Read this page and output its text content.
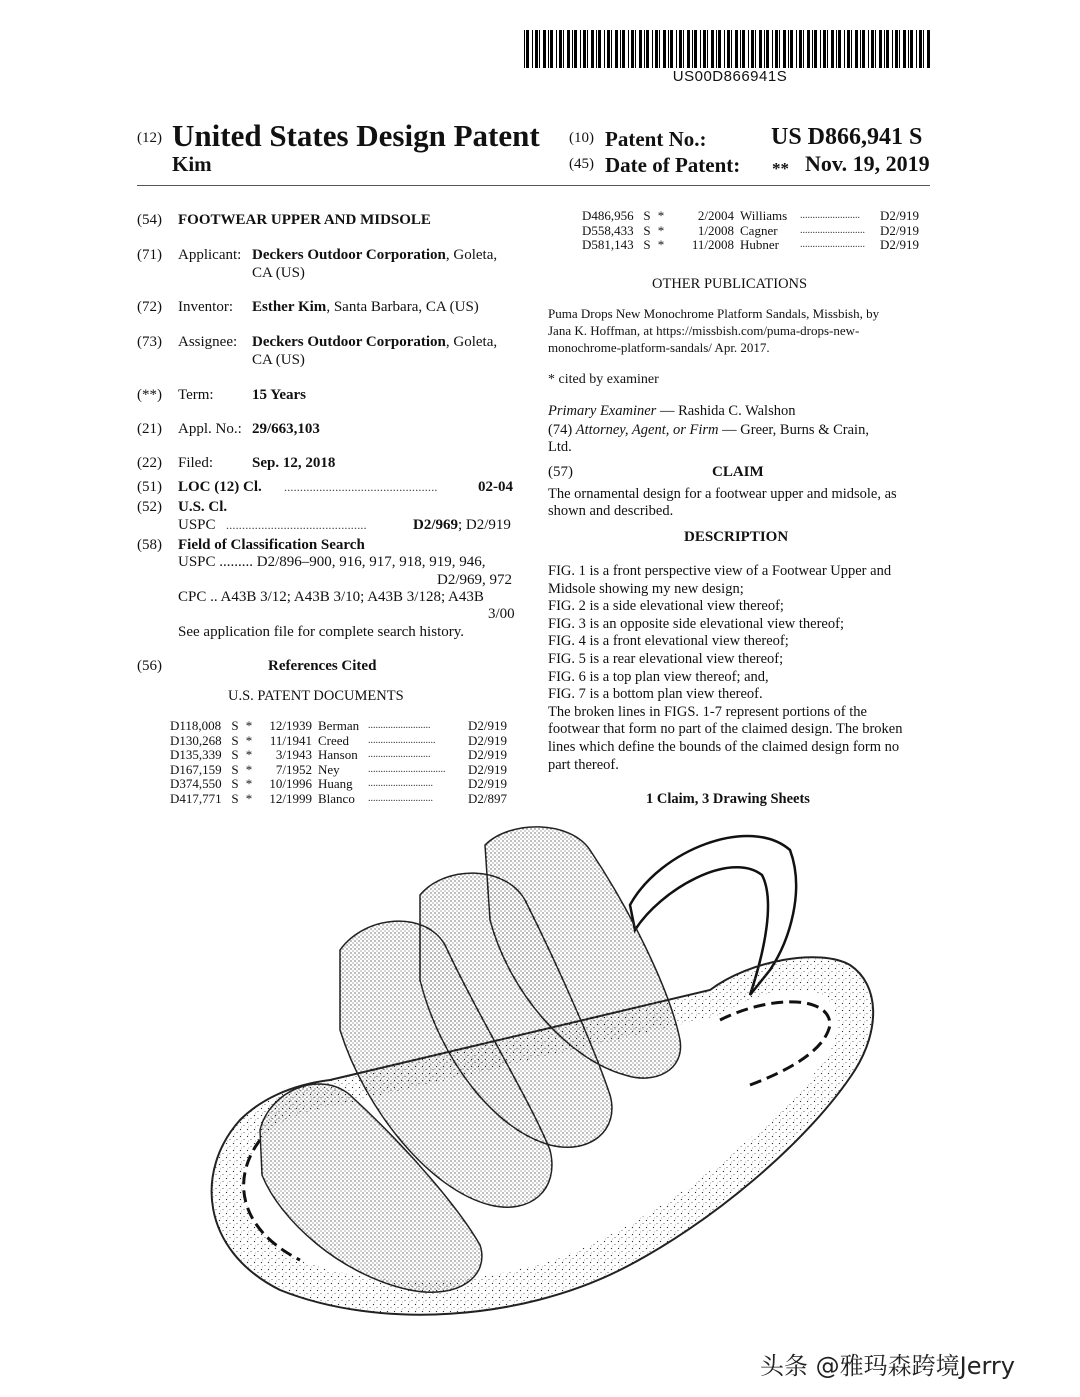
US00D866941S
(12) United States Design Patent
Kim
(10) Patent No.:	US D866,941 S
(45) Date of Patent: ** Nov. 19, 2019
(54) FOOTWEAR UPPER AND MIDSOLE
(71) Applicant: Deckers Outdoor Corporation, Goleta,
CA (US)
(72) Inventor: Esther Kim, Santa Barbara, CA (US)
(73) Assignee: Deckers Outdoor Corporation, Goleta,
CA (US)
(**) Term:	15 Years
(21) Appl. No.: 29/663,103
(22) Filed:	Sep. 12, 2018
(51) LOC (12) Cl. ................................................	02-04
(52) U.S. Cl.
USPC ............................................	D2/969; D2/919
(58) Field of Classification Search
USPC ......... D2/896–900, 916, 917, 918, 919, 946,
D2/969, 972
CPC .. A43B 3/12; A43B 3/10; A43B 3/128; A43B
3/00
See application file for complete search history.
(56)	References Cited
U.S. PATENT DOCUMENTS
D118,008 S *	12/1939 Berman .........................	D2/919
D130,268 S *	11/1941 Creed	...........................	D2/919
D135,339 S *	3/1943 Hanson	.........................	D2/919
D167,159 S *	7/1952 Ney	...............................	D2/919
D374,550 S *	10/1996 Huang	..........................	D2/919
D417,771 S *	12/1999 Blanco	..........................	D2/897
D486,956 S *	2/2004 Williams	........................	D2/919
D558,433 S *	1/2008 Cagner	..........................	D2/919
D581,143 S *	11/2008 Hubner	..........................	D2/919
OTHER PUBLICATIONS
Puma Drops New Monochrome Platform Sandals, Missbish, by
Jana K. Hoffman, at https://missbish.com/puma-drops-new-
monochrome-platform-sandals/ Apr. 2017.
* cited by examiner
Primary Examiner — Rashida C. Walshon
(74) Attorney, Agent, or Firm — Greer, Burns & Crain,
Ltd.
(57)	CLAIM
The ornamental design for a footwear upper and midsole, as
shown and described.
DESCRIPTION
FIG. 1 is a front perspective view of a Footwear Upper and
Midsole showing my new design;
FIG. 2 is a side elevational view thereof;
FIG. 3 is an opposite side elevational view thereof;
FIG. 4 is a front elevational view thereof;
FIG. 5 is a rear elevational view thereof;
FIG. 6 is a top plan view thereof; and,
FIG. 7 is a bottom plan view thereof.
The broken lines in FIGS. 1-7 represent portions of the
footwear that form no part of the claimed design. The broken
lines which define the bounds of the claimed design form no
part thereof.
1 Claim, 3 Drawing Sheets
头条 @雅玛森跨境Jerry
